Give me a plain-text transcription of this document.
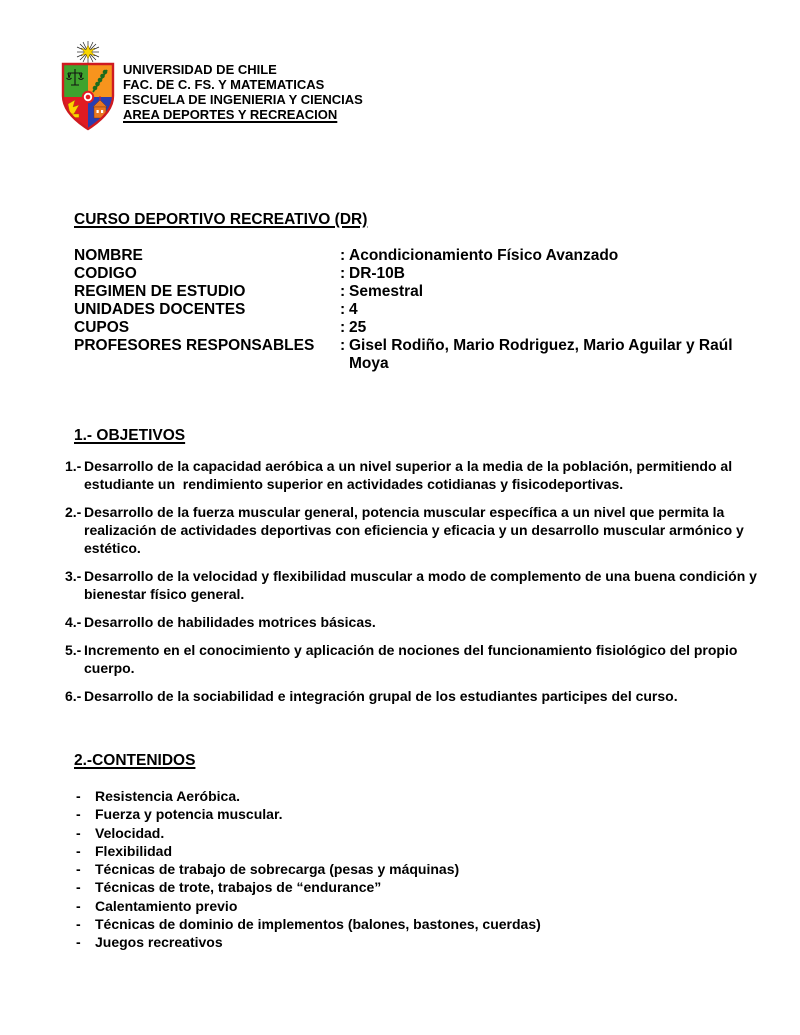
UNIVERSIDAD DE CHILE
FAC. DE C. FS. Y MATEMATICAS
ESCUELA DE INGENIERIA Y CIENCIAS
AREA DEPORTES Y RECREACION
CURSO DEPORTIVO RECREATIVO (DR)
NOMBRE	: Acondicionamiento Físico Avanzado
CODIGO	: DR-10B
REGIMEN DE ESTUDIO	: Semestral
UNIDADES DOCENTES	: 4
CUPOS	: 25
PROFESORES RESPONSABLES	: Gisel Rodiño, Mario Rodriguez, Mario Aguilar y Raúl
Moya
1.- OBJETIVOS
1.- Desarrollo de la capacidad aeróbica a un nivel superior a la media de la población, permitiendo al
estudiante un  rendimiento superior en actividades cotidianas y fisicodeportivas.
2.- Desarrollo de la fuerza muscular general, potencia muscular específica a un nivel que permita la
realización de actividades deportivas con eficiencia y eficacia y un desarrollo muscular armónico y
estético.
3.- Desarrollo de la velocidad y flexibilidad muscular a modo de complemento de una buena condición y
bienestar físico general.
4.- Desarrollo de habilidades motrices básicas.
5.- Incremento en el conocimiento y aplicación de nociones del funcionamiento fisiológico del propio
cuerpo.
6.- Desarrollo de la sociabilidad e integración grupal de los estudiantes participes del curso.
2.-CONTENIDOS
-	Resistencia Aeróbica.
-	Fuerza y potencia muscular.
-	Velocidad.
-	Flexibilidad
-	Técnicas de trabajo de sobrecarga (pesas y máquinas)
-	Técnicas de trote, trabajos de “endurance”
-	Calentamiento previo
-	Técnicas de dominio de implementos (balones, bastones, cuerdas)
-	Juegos recreativos
